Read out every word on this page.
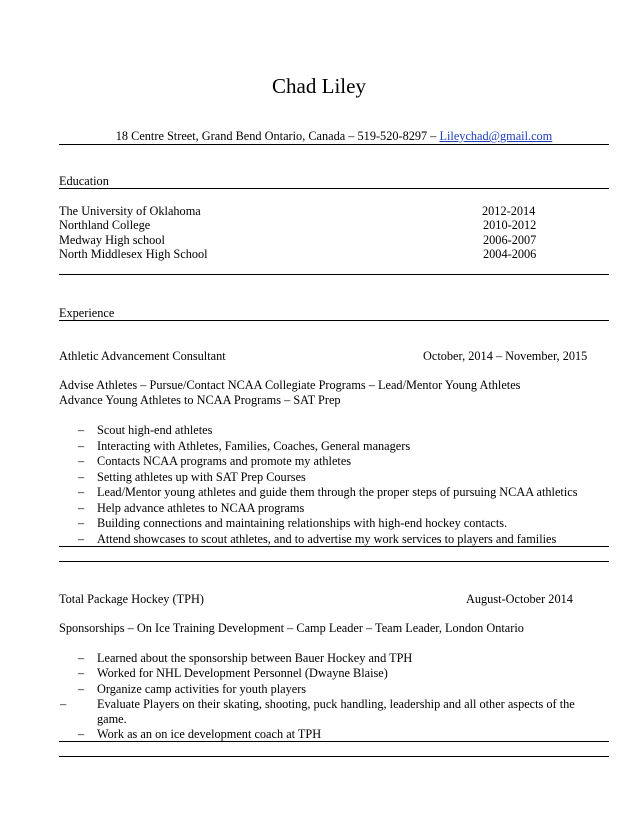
Chad Liley
18 Centre Street, Grand Bend Ontario, Canada – 519-520-8297 – Lileychad@gmail.com
Education
The University of Oklahoma	2012-2014
Northland College	2010-2012
Medway High school	2006-2007
North Middlesex High School	2004-2006
Experience
Athletic Advancement Consultant	October, 2014 – November, 2015
Advise Athletes – Pursue/Contact NCAA Collegiate Programs – Lead/Mentor Young Athletes
Advance Young Athletes to NCAA Programs – SAT Prep
– Scout high-end athletes
– Interacting with Athletes, Families, Coaches, General managers
– Contacts NCAA programs and promote my athletes
– Setting athletes up with SAT Prep Courses
– Lead/Mentor young athletes and guide them through the proper steps of pursuing NCAA athletics
– Help advance athletes to NCAA programs
– Building connections and maintaining relationships with high-end hockey contacts.
– Attend showcases to scout athletes, and to advertise my work services to players and families
Total Package Hockey (TPH)	August-October 2014
Sponsorships – On Ice Training Development – Camp Leader – Team Leader, London Ontario
– Learned about the sponsorship between Bauer Hockey and TPH
– Worked for NHL Development Personnel (Dwayne Blaise)
– Organize camp activities for youth players
–	Evaluate Players on their skating, shooting, puck handling, leadership and all other aspects of the
game.
– Work as an on ice development coach at TPH
